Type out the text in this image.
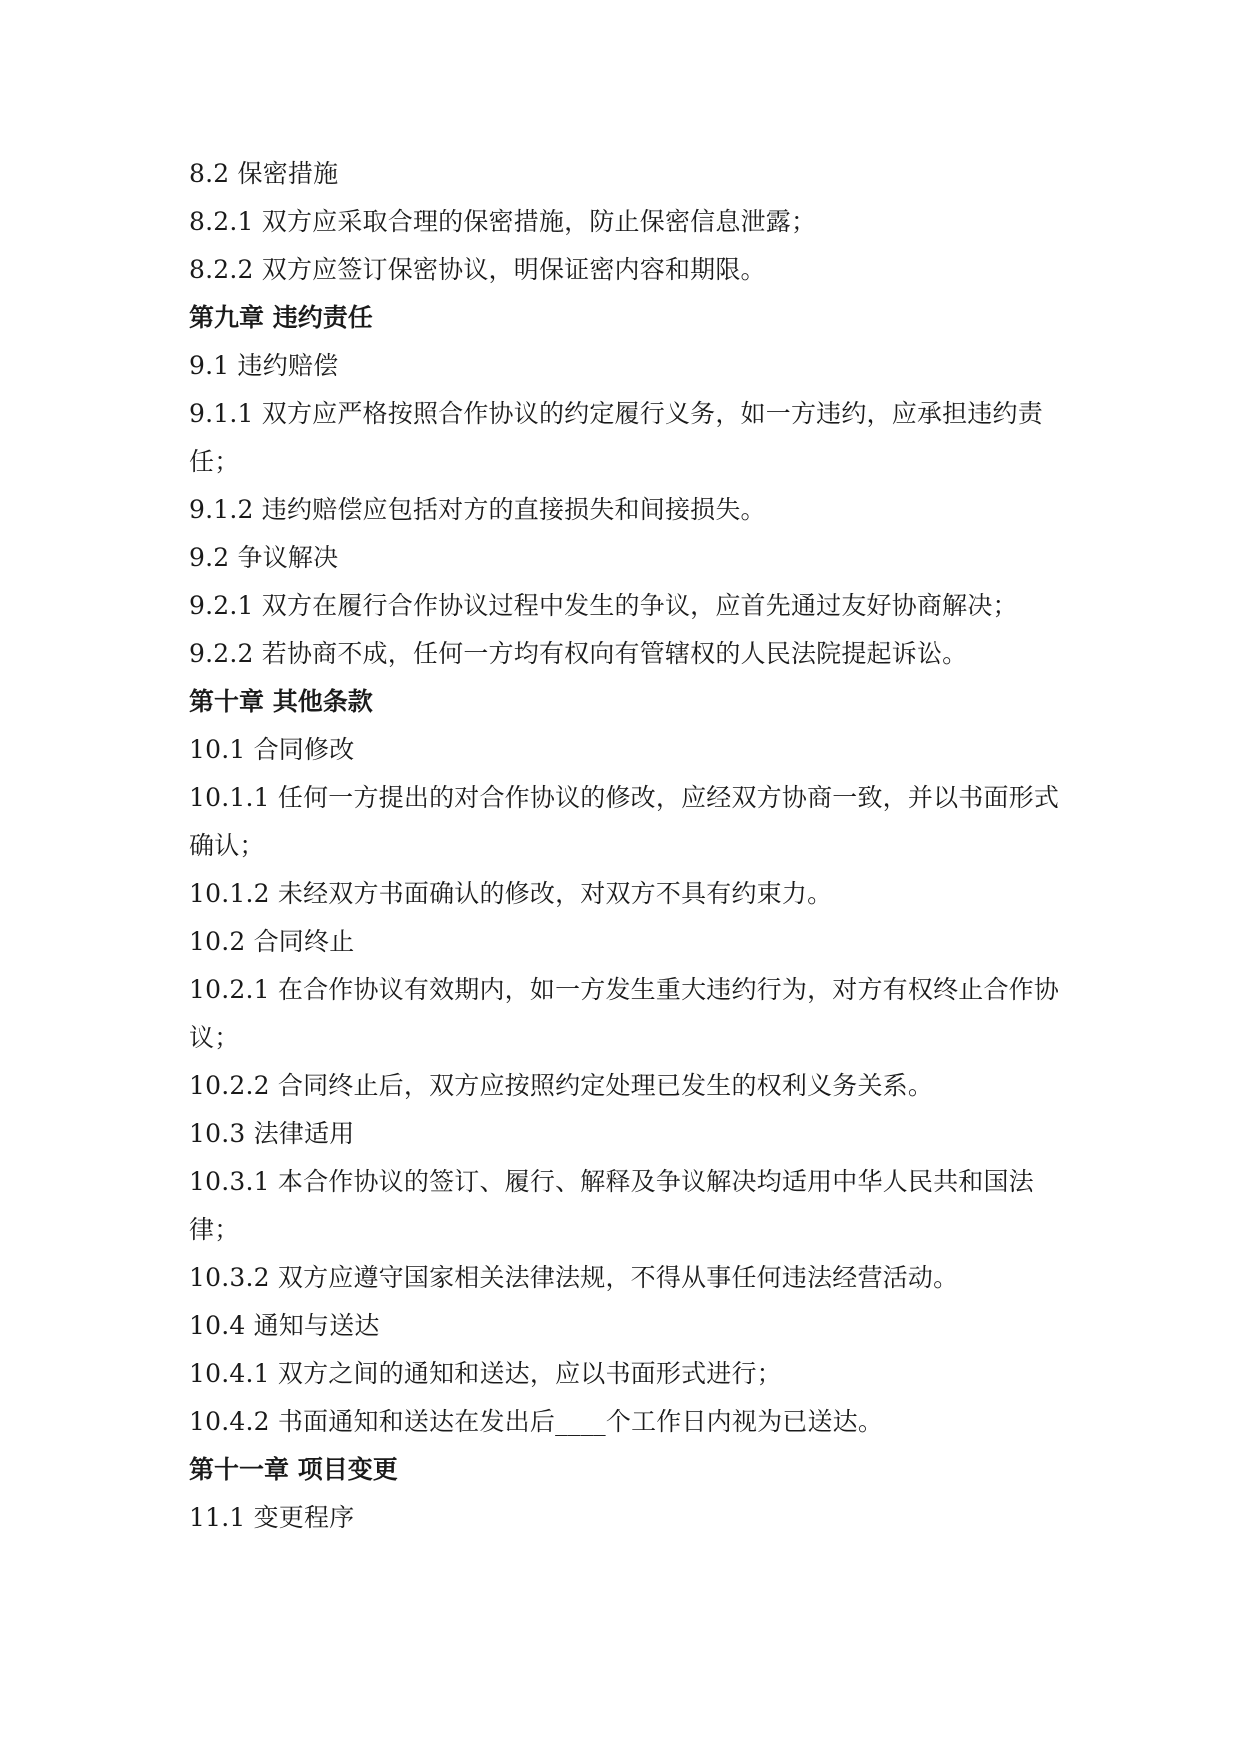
8.2 保密措施
8.2.1 双方应采取合理的保密措施，防止保密信息泄露；
8.2.2 双方应签订保密协议，明保证密内容和期限。
第九章 违约责任
9.1 违约赔偿
9.1.1 双方应严格按照合作协议的约定履行义务，如一方违约，应承担违约责任；
9.1.2 违约赔偿应包括对方的直接损失和间接损失。
9.2 争议解决
9.2.1 双方在履行合作协议过程中发生的争议，应首先通过友好协商解决；
9.2.2 若协商不成，任何一方均有权向有管辖权的人民法院提起诉讼。
第十章 其他条款
10.1 合同修改
10.1.1 任何一方提出的对合作协议的修改，应经双方协商一致，并以书面形式确认；
10.1.2 未经双方书面确认的修改，对双方不具有约束力。
10.2 合同终止
10.2.1 在合作协议有效期内，如一方发生重大违约行为，对方有权终止合作协议；
10.2.2 合同终止后，双方应按照约定处理已发生的权利义务关系。
10.3 法律适用
10.3.1 本合作协议的签订、履行、解释及争议解决均适用中华人民共和国法律；
10.3.2 双方应遵守国家相关法律法规，不得从事任何违法经营活动。
10.4 通知与送达
10.4.1 双方之间的通知和送达，应以书面形式进行；
10.4.2 书面通知和送达在发出后____个工作日内视为已送达。
第十一章 项目变更
11.1 变更程序
